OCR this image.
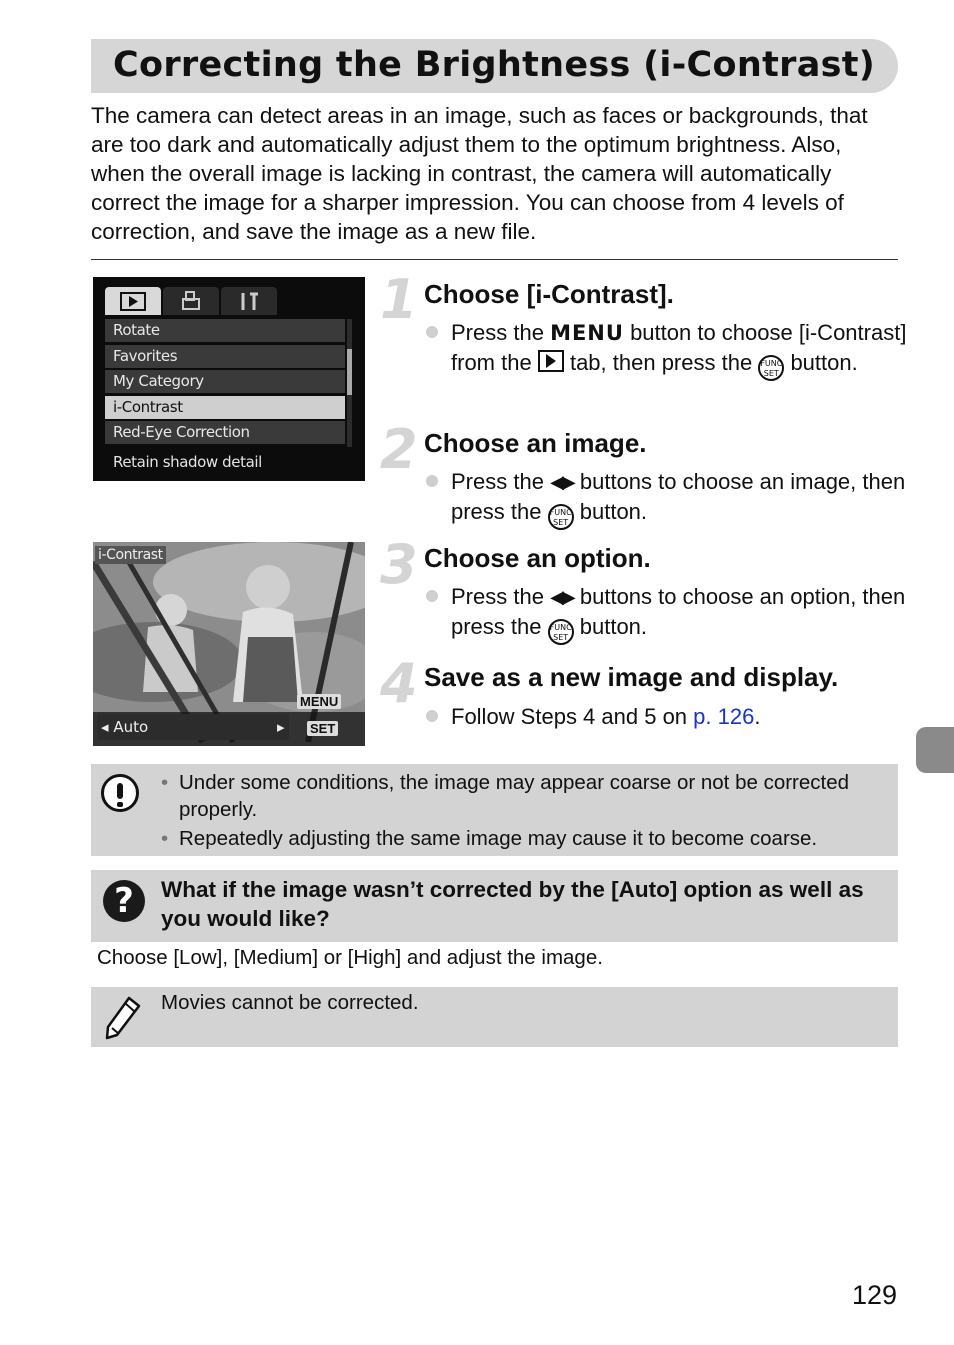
Correcting the Brightness (i-Contrast)
The camera can detect areas in an image, such as faces or backgrounds, that are too dark and automatically adjust them to the optimum brightness. Also, when the overall image is lacking in contrast, the camera will automatically correct the image for a sharper impression. You can choose from 4 levels of correction, and save the image as a new file.
Rotate
Favorites
My Category
i-Contrast
Red-Eye Correction
Retain shadow detail
i-Contrast
◂ Auto	▸
MENU
SET
1 Choose [i-Contrast].
Press the MENU button to choose [i-Contrast] from the tab, then press the FUNC
SET button.
2 Choose an image.
Press the ◀▶ buttons to choose an image, then press the FUNC
SET button.
3 Choose an option.
Press the ◀▶ buttons to choose an option, then press the FUNC
SET button.
4 Save as a new image and display.
Follow Steps 4 and 5 on p. 126.
• Under some conditions, the image may appear coarse or not be corrected properly.
• Repeatedly adjusting the same image may cause it to become coarse.
?	What if the image wasn’t corrected by the [Auto] option as well as you would like?
Choose [Low], [Medium] or [High] and adjust the image.
Movies cannot be corrected.
129
